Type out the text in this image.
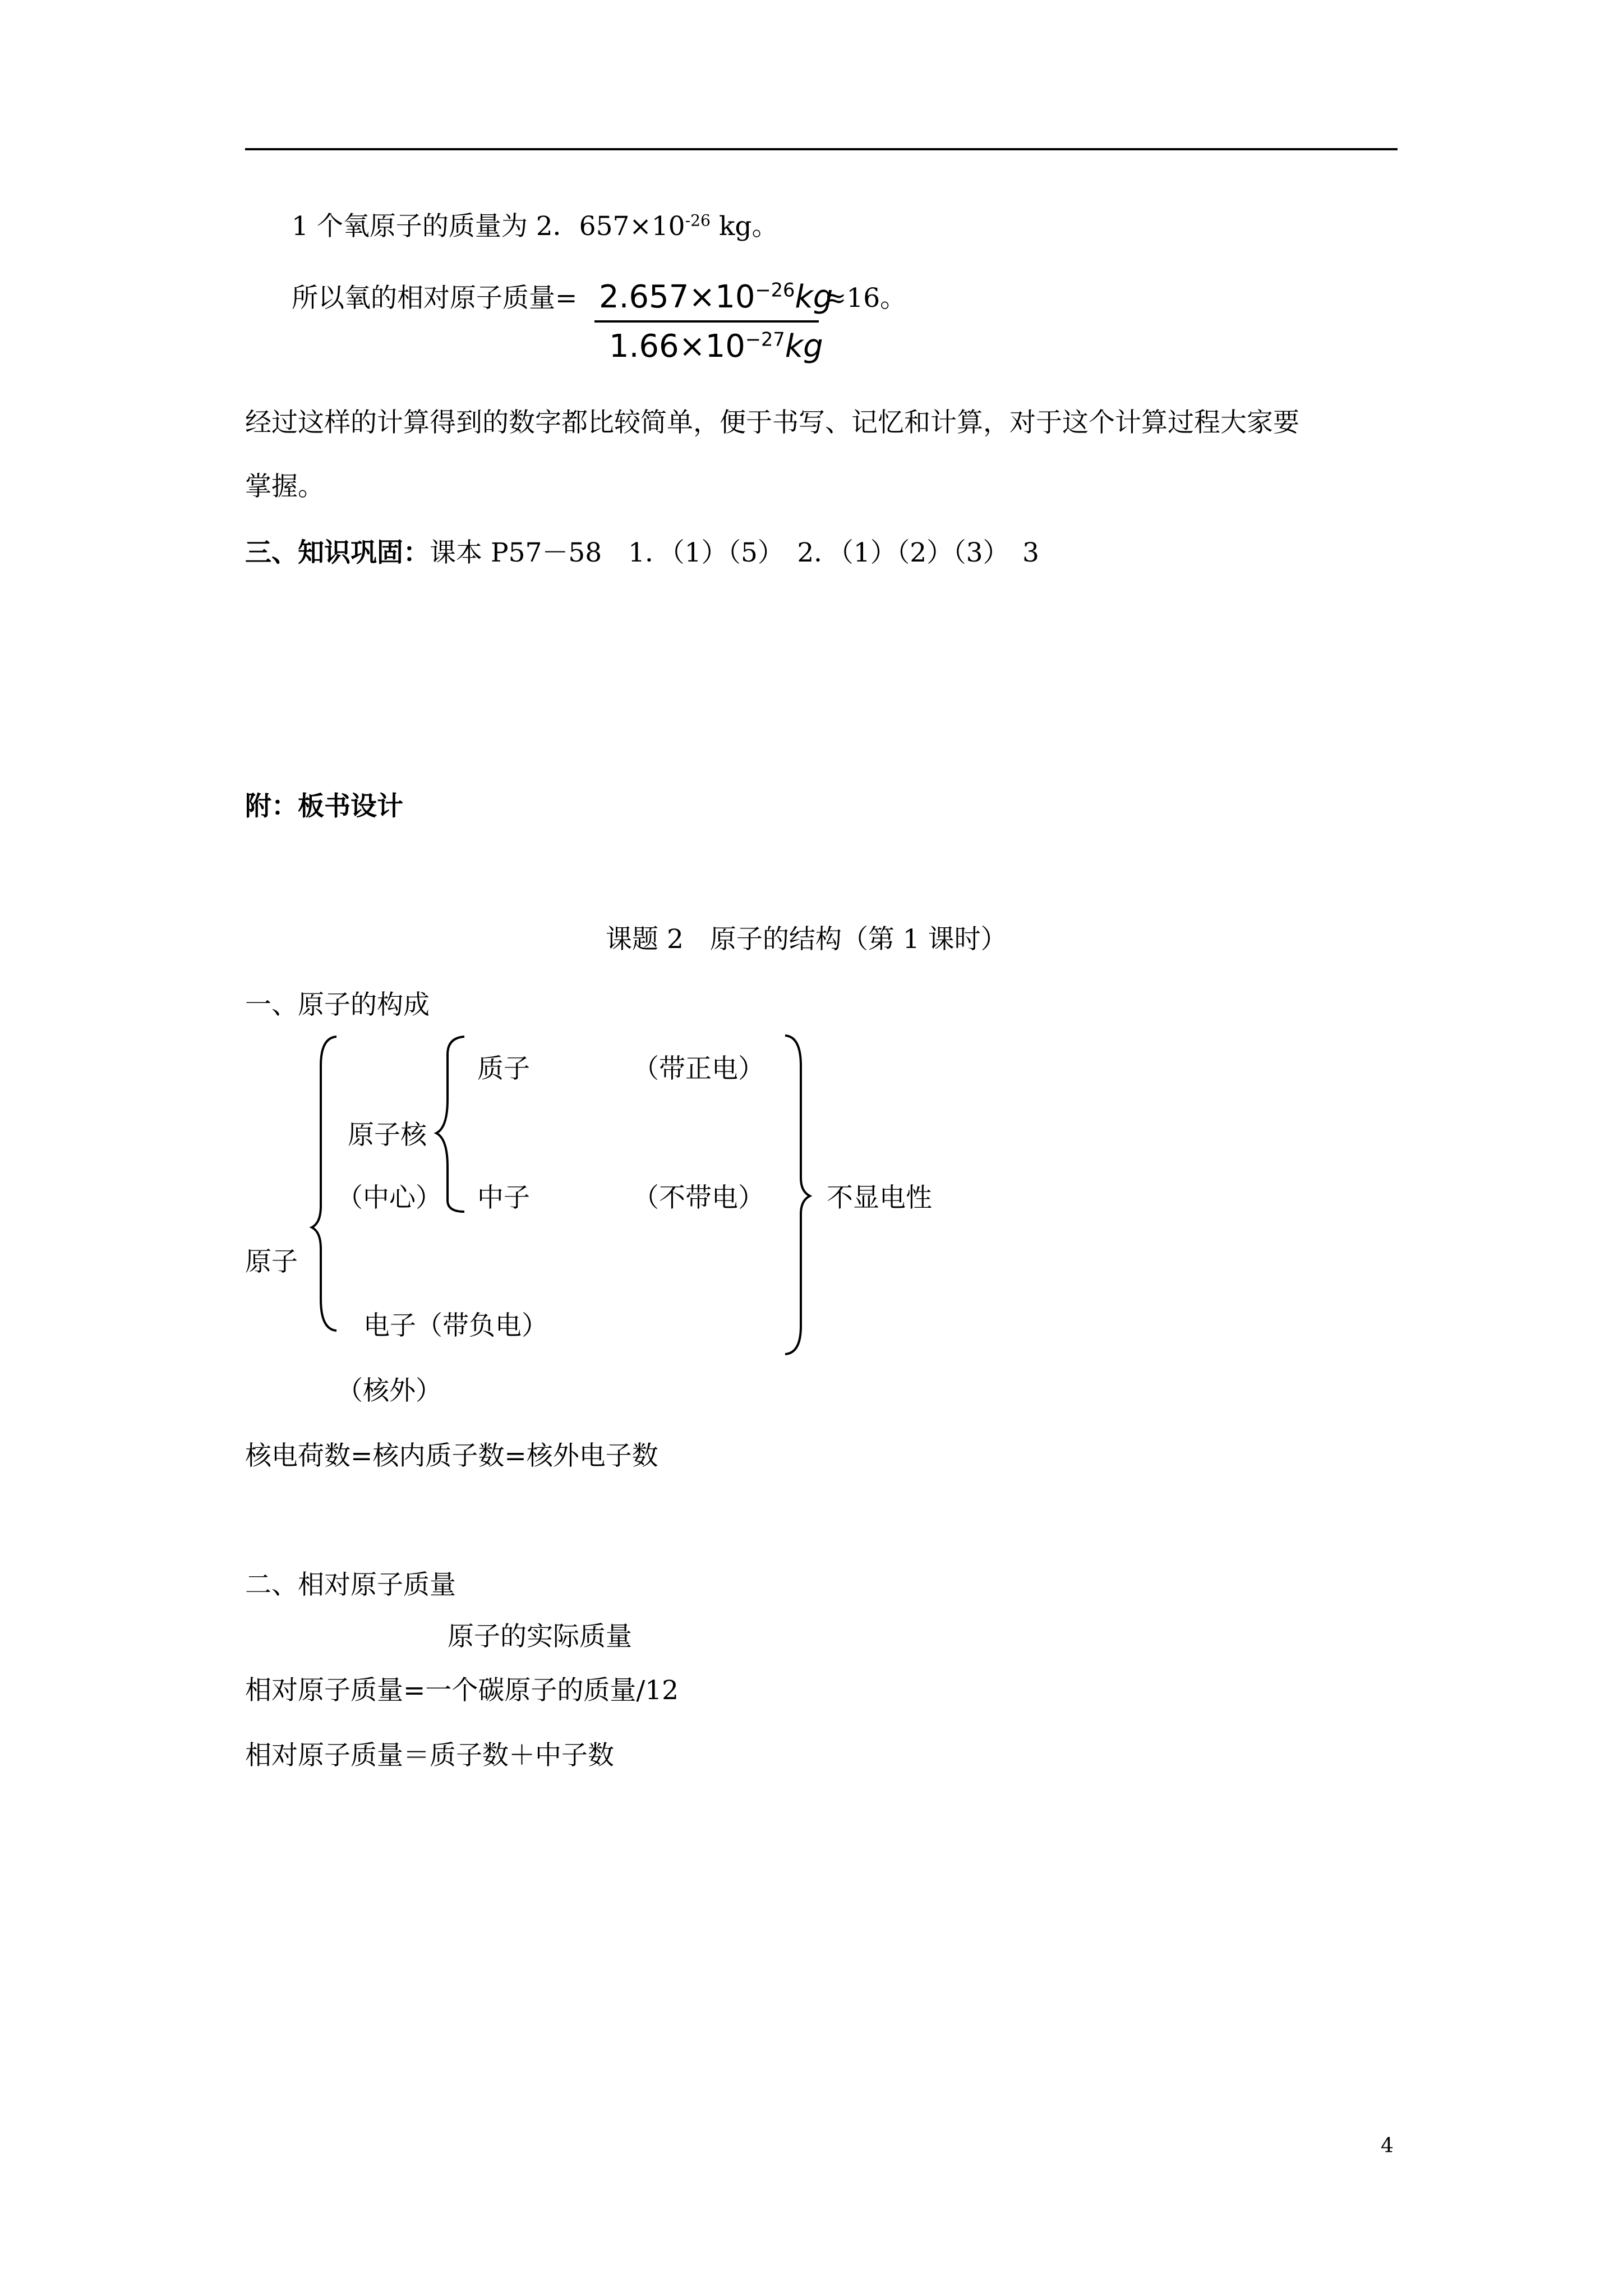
1 个氧原子的质量为 2．$657\times 10^{-26}$ kg。
所以氧的相对原子质量= $2.657\times 10^{-26}kg$
$1.66\times 10^{-27}kg$
≈16。
经过这样的计算得到的数字都比较简单，便于书写、记忆和计算，对于这个计算过程大家要
掌握。
三、知识巩固：课本 P57－58　1．（1）（5）　2．（1）（2）（3）　3
附：板书设计
课题 2　原子的结构（第 1 课时）
一、原子的构成
质子	（带正电）
原子核
（中心） 中子	（不带电） 不显电性
原子
电子（带负电）
（核外）
核电荷数=核内质子数=核外电子数
二、相对原子质量
原子的实际质量
相对原子质量=一个碳原子的质量/12
相对原子质量＝质子数＋中子数
4
